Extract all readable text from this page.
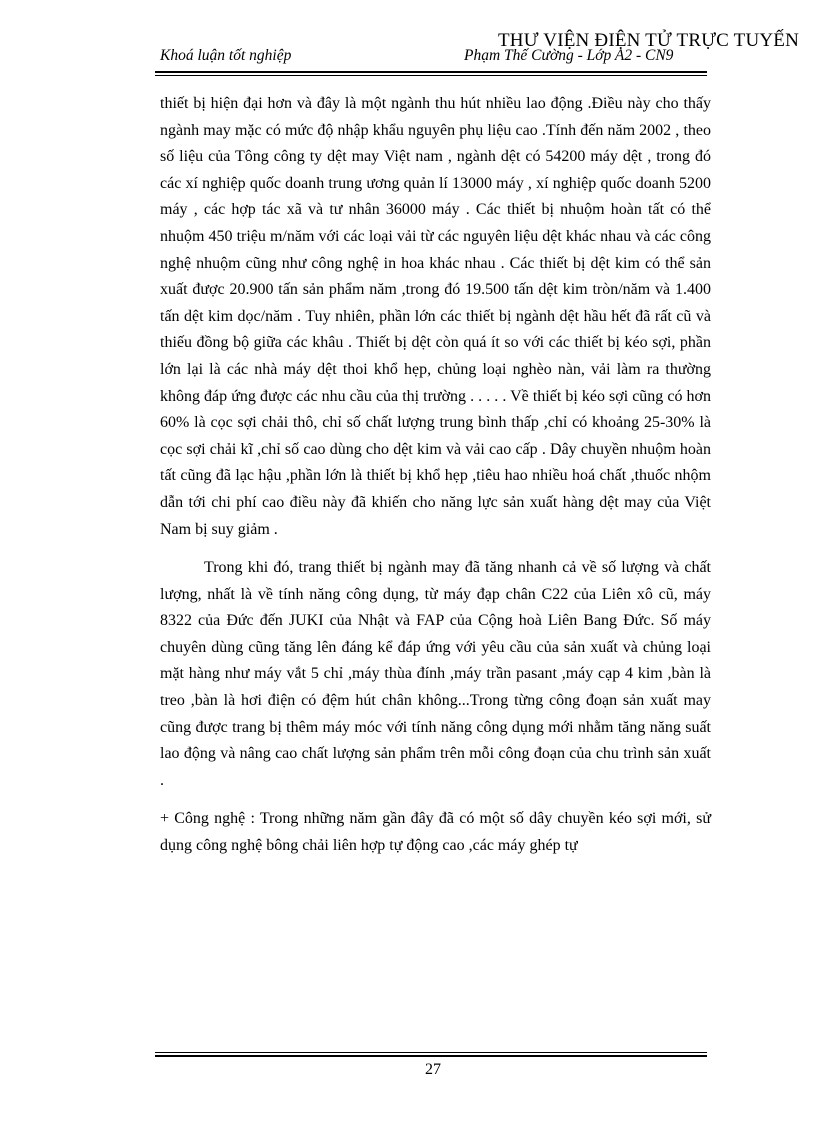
THƯ VIỆN ĐIỆN TỬ TRỰC TUYẾN
Khoá luận tốt nghiệp	Phạm Thế Cường - Lớp A2 - CN9

thiết bị hiện đại hơn và đây là một ngành thu hút nhiều lao động .Điều này cho thấy ngành may mặc có mức độ nhập khẩu nguyên phụ liệu cao .Tính đến năm 2002 , theo số liệu của Tông công ty dệt may Việt nam , ngành dệt có 54200 máy dệt , trong đó các xí nghiệp quốc doanh trung ương quản lí 13000 máy , xí nghiệp quốc doanh 5200 máy , các hợp tác xã và tư nhân 36000 máy . Các thiết bị nhuộm hoàn tất có thể nhuộm 450 triệu m/năm với các loại vải từ các nguyên liệu dệt khác nhau và các công nghệ nhuộm cũng như công nghệ in hoa khác nhau . Các thiết bị dệt kim có thể sản xuất được 20.900 tấn sản phẩm năm ,trong đó 19.500 tấn dệt kim tròn/năm và 1.400 tấn dệt kim dọc/năm . Tuy nhiên, phần lớn các thiết bị ngành dệt hầu hết đã rất cũ và thiếu đồng bộ giữa các khâu . Thiết bị dệt còn quá ít so với các thiết bị kéo sợi, phần lớn lại là các nhà máy dệt thoi khổ hẹp, chủng loại nghèo nàn, vải làm ra thường không đáp ứng được các nhu cầu của thị trường . . . . . Về thiết bị kéo sợi cũng có hơn 60% là cọc sợi chải thô, chỉ số chất lượng trung bình thấp ,chỉ có khoảng 25-30% là cọc sợi chải kĩ ,chỉ số cao dùng cho dệt kim và vải cao cấp . Dây chuyền nhuộm hoàn tất cũng đã lạc hậu ,phần lớn là thiết bị khổ hẹp ,tiêu hao nhiều hoá chất ,thuốc nhộm dẫn tới chi phí cao điều này đã khiến cho năng lực sản xuất hàng dệt may của Việt Nam bị suy giảm .

Trong khi đó, trang thiết bị ngành may đã tăng nhanh cả về số lượng và chất lượng, nhất là về tính năng công dụng, từ máy đạp chân C22 của Liên xô cũ, máy 8322 của Đức đến JUKI của Nhật và FAP của Cộng hoà Liên Bang Đức. Số máy chuyên dùng cũng tăng lên đáng kể đáp ứng với yêu cầu của sản xuất và chủng loại mặt hàng như máy vắt 5 chỉ ,máy thùa đính ,máy trần pasant ,máy cạp 4 kim ,bàn là treo ,bàn là hơi điện có đệm hút chân không...Trong từng công đoạn sản xuất may cũng được trang bị thêm máy móc với tính năng công dụng mới nhằm tăng năng suất lao động và nâng cao chất lượng sản phẩm trên mỗi công đoạn của chu trình sản xuất .

+ Công nghệ : Trong những năm gần đây đã có một số dây chuyền kéo sợi mới, sử dụng công nghệ bông chải liên hợp tự động cao ,các máy ghép tự

27
